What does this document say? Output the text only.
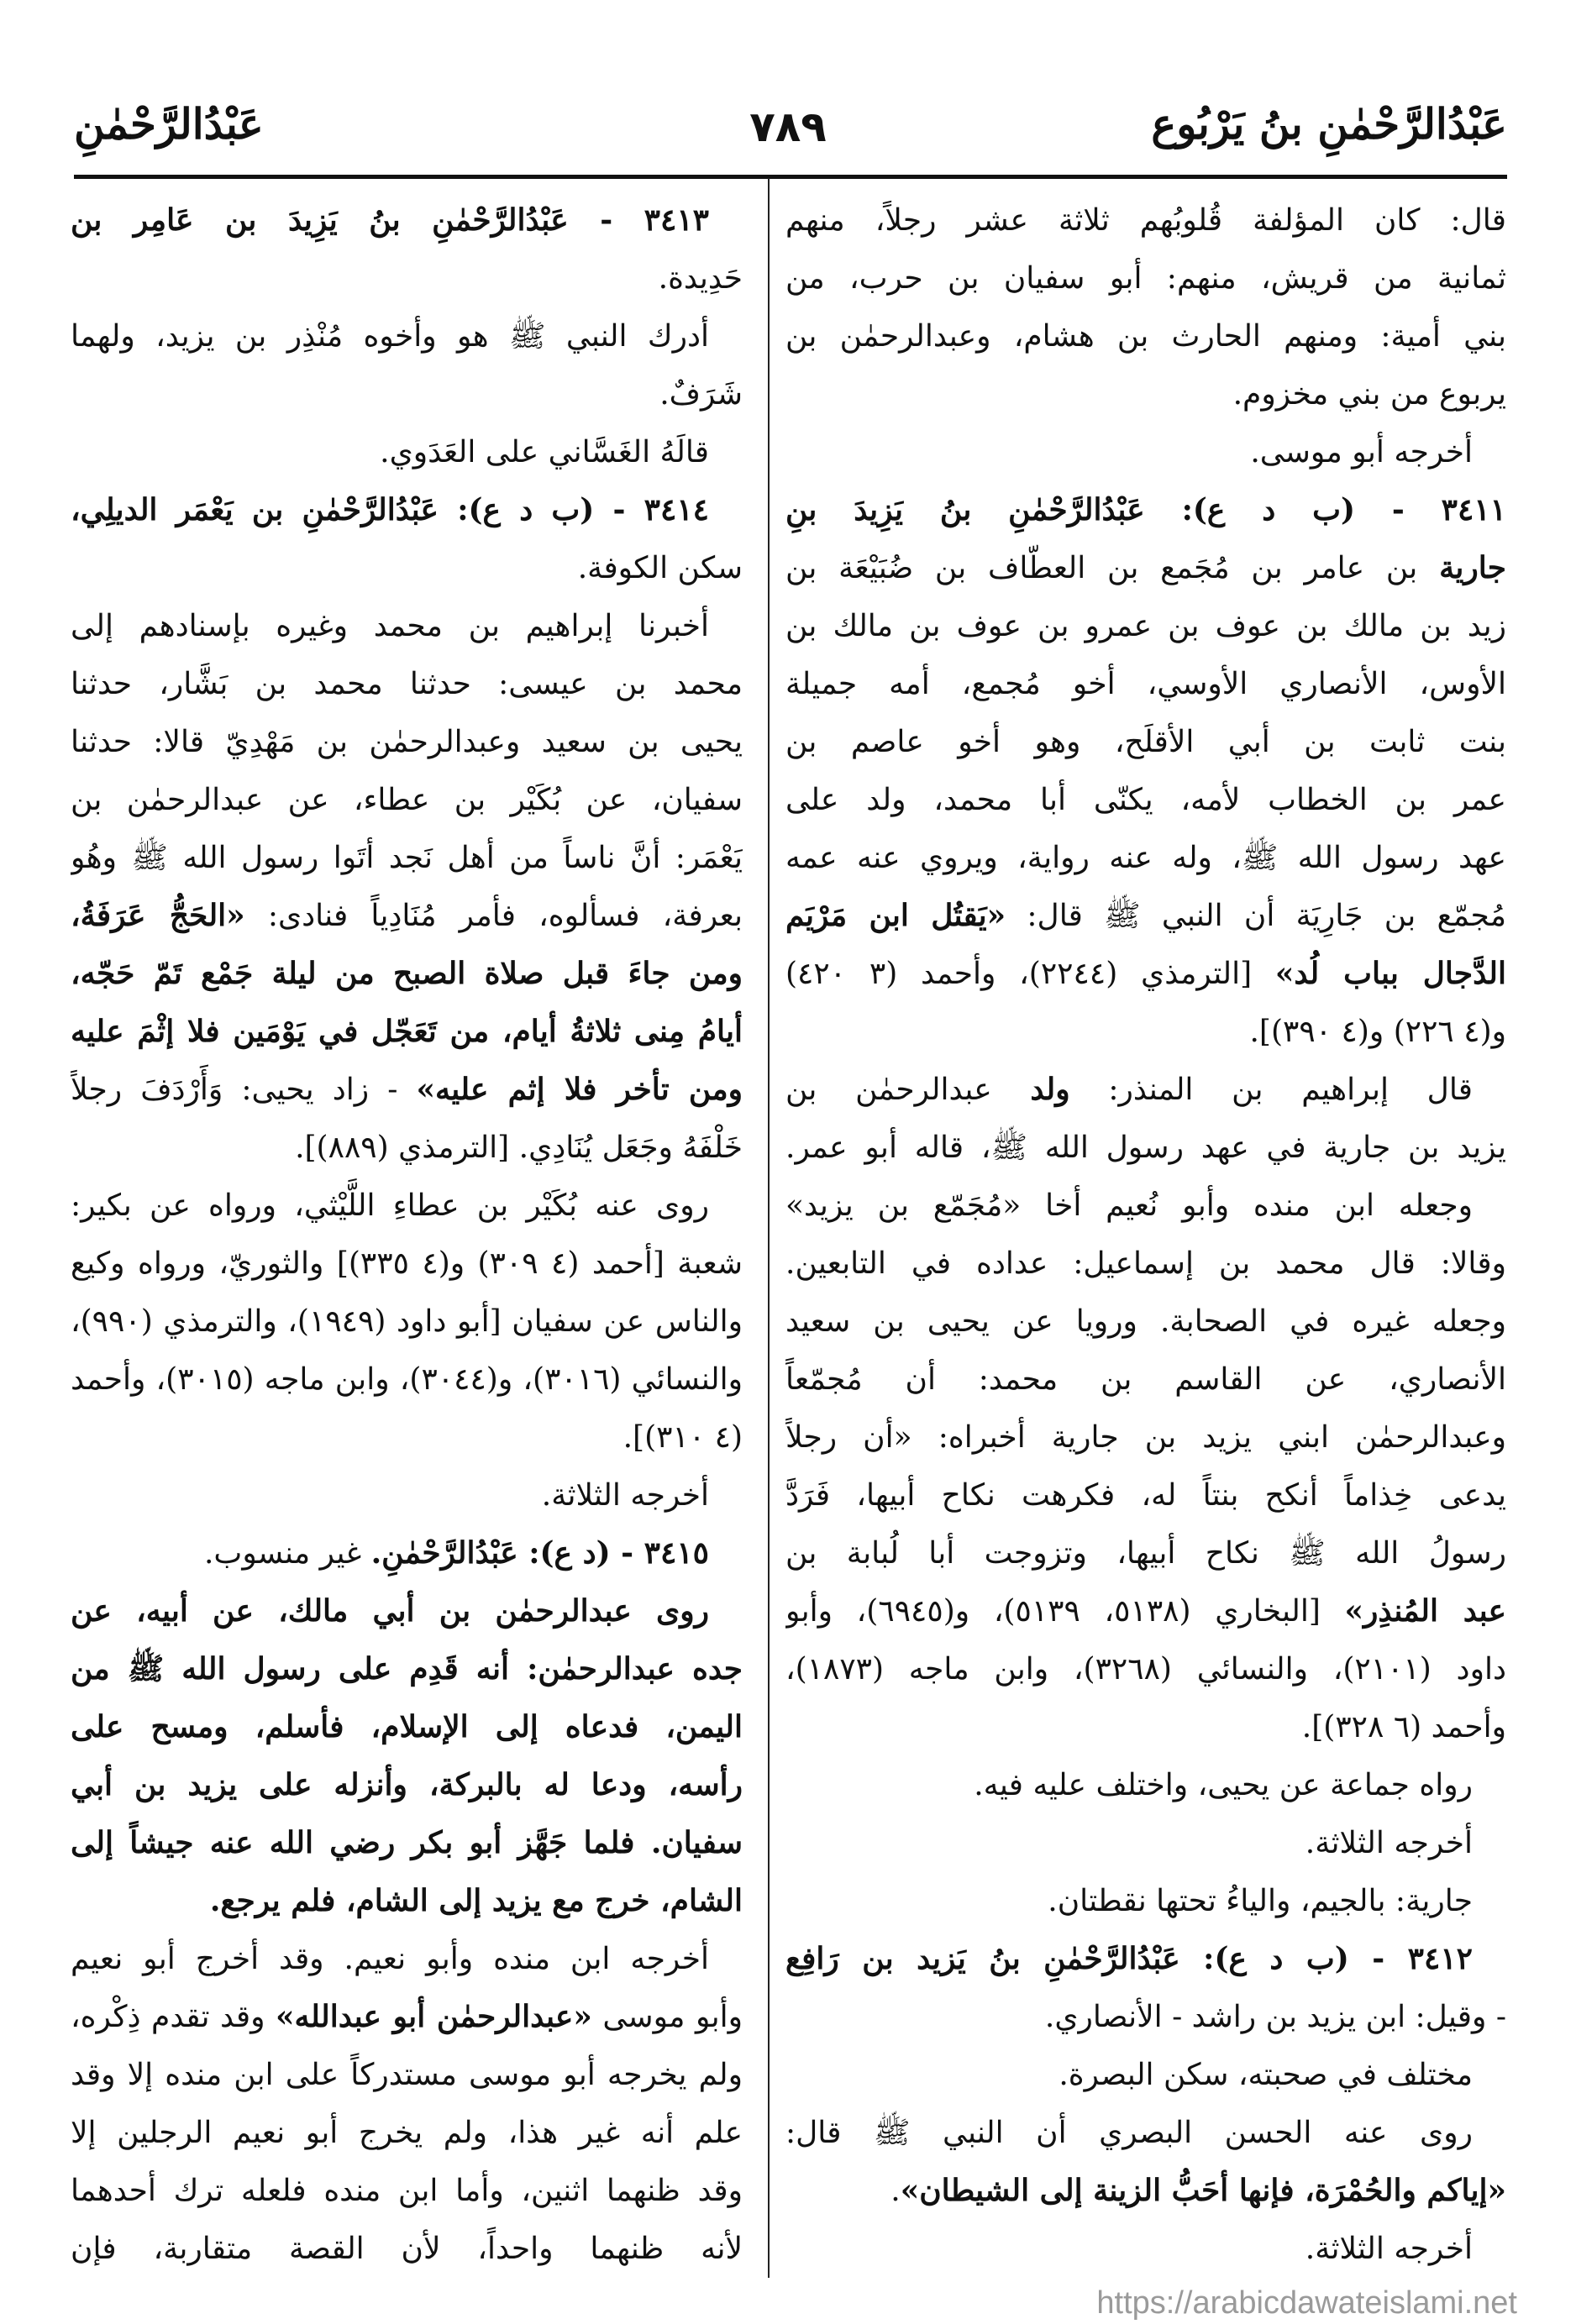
عَبْدُالرَّحْمٰنِ بنُ يَرْبُوع
٧٨٩
عَبْدُالرَّحْمٰنِ
قال: كان المؤلفة قُلوبُهم ثلاثة عشر رجلاً، منهم
ثمانية من قريش، منهم: أبو سفيان بن حرب، من
بني أمية: ومنهم الحارث بن هشام، وعبدالرحمٰن بن
يربوع من بني مخزوم.
أخرجه أبو موسى.
٣٤١١ - (ب د ع): عَبْدُالرَّحْمٰنِ بنُ يَزِيدَ بنِ
جارية بن عامر بن مُجَمع بن العطّاف بن ضُبَيْعَة بن
زيد بن مالك بن عوف بن عمرو بن عوف بن مالك بن
الأوس، الأنصاري الأوسي، أخو مُجمع، أمه جميلة
بنت ثابت بن أبي الأقلَح، وهو أخو عاصم بن
عمر بن الخطاب لأمه، يكنّى أبا محمد، ولد على
عهد رسول الله ﷺ، وله عنه رواية، ويروي عنه عمه
مُجمّع بن جَارِيَة أن النبي ﷺ قال: «يَقتُل ابن مَرْيَم
الدَّجال بباب لُد» [الترمذي (٢٢٤٤)، وأحمد (٣ ٤٢٠)
و(٤ ٢٢٦) و(٤ ٣٩٠)].
قال إبراهيم بن المنذر: ولد عبدالرحمٰن بن
يزيد بن جارية في عهد رسول الله ﷺ، قاله أبو عمر.
وجعله ابن منده وأبو نُعيم أخا «مُجَمّع بن يزيد»
وقالا: قال محمد بن إسماعيل: عداده في التابعين.
وجعله غيره في الصحابة. ورويا عن يحيى بن سعيد
الأنصاري، عن القاسم بن محمد: أن مُجمّعاً
وعبدالرحمٰن ابني يزيد بن جارية أخبراه: «أن رجلاً
يدعى خِذاماً أنكح بنتاً له، فكرهت نكاح أبيها، فَرَدَّ
رسولُ الله ﷺ نكاح أبيها، وتزوجت أبا لُبابة بن
عبد المُنذِر» [البخاري (٥١٣٨، ٥١٣٩)، و(٦٩٤٥)، وأبو
داود (٢١٠١)، والنسائي (٣٢٦٨)، وابن ماجه (١٨٧٣)،
وأحمد (٦ ٣٢٨)].
رواه جماعة عن يحيى، واختلف عليه فيه.
أخرجه الثلاثة.
جارية: بالجيم، والياءُ تحتها نقطتان.
٣٤١٢ - (ب د ع): عَبْدُالرَّحْمٰنِ بنُ يَزيد بن رَافِع
- وقيل: ابن يزيد بن راشد - الأنصاري.
مختلف في صحبته، سكن البصرة.
روى عنه الحسن البصري أن النبي ﷺ قال:
«إياكم والحُمْرَة، فإنها أحَبُّ الزينة إلى الشيطان».
أخرجه الثلاثة.
٣٤١٣ - عَبْدُالرَّحْمٰنِ بنُ يَزِيدَ بن عَامِر بن
حَدِيدة.
أدرك النبي ﷺ هو وأخوه مُنْذِر بن يزيد، ولهما
شَرَفٌ.
قالَهُ الغَسَّاني على العَدَوي.
٣٤١٤ - (ب د ع): عَبْدُالرَّحْمٰنِ بن يَعْمَر الديلِي،
سكن الكوفة.
أخبرنا إبراهيم بن محمد وغيره بإسنادهم إلى
محمد بن عيسى: حدثنا محمد بن بَشَّار، حدثنا
يحيى بن سعيد وعبدالرحمٰن بن مَهْدِيّ قالا: حدثنا
سفيان، عن بُكَيْر بن عطاء، عن عبدالرحمٰن بن
يَعْمَر: أنَّ ناساً من أهل نَجد أتَوا رسول الله ﷺ وهُو
بعرفة، فسألوه، فأمر مُنَادِياً فنادى: «الحَجُّ عَرَفَةُ،
ومن جاءَ قبل صلاة الصبح من ليلة جَمْع تَمّ حَجّه،
أيامُ مِنى ثلاثةُ أيام، من تَعَجّل في يَوْمَين فلا إثْمَ عليه
ومن تأخر فلا إثم عليه» - زاد يحيى: وَأَرْدَفَ رجلاً
خَلْفَهُ وجَعَل يُنَادِي. [الترمذي (٨٨٩)].
روى عنه بُكَيْر بن عطاءِ اللَّيْثي، ورواه عن بكير:
شعبة [أحمد (٤ ٣٠٩) و(٤ ٣٣٥)] والثوريّ، ورواه وكيع
والناس عن سفيان [أبو داود (١٩٤٩)، والترمذي (٩٩٠)،
والنسائي (٣٠١٦)، و(٣٠٤٤)، وابن ماجه (٣٠١٥)، وأحمد
(٤ ٣١٠)].
أخرجه الثلاثة.
٣٤١٥ - (د ع): عَبْدُالرَّحْمٰنِ. غير منسوب.
روى عبدالرحمٰن بن أبي مالك، عن أبيه، عن
جده عبدالرحمٰن: أنه قَدِم على رسول الله ﷺ من
اليمن، فدعاه إلى الإسلام، فأسلم، ومسح على
رأسه، ودعا له بالبركة، وأنزله على يزيد بن أبي
سفيان. فلما جَهَّز أبو بكر رضي الله عنه جيشاً إلى
الشام، خرج مع يزيد إلى الشام، فلم يرجع.
أخرجه ابن منده وأبو نعيم. وقد أخرج أبو نعيم
وأبو موسى «عبدالرحمٰن أبو عبدالله» وقد تقدم ذِكْره،
ولم يخرجه أبو موسى مستدركاً على ابن منده إلا وقد
علم أنه غير هذا، ولم يخرج أبو نعيم الرجلين إلا
وقد ظنهما اثنين، وأما ابن منده فلعله ترك أحدهما
لأنه ظنهما واحداً، لأن القصة متقاربة، فإن
https://arabicdawateislami.net
